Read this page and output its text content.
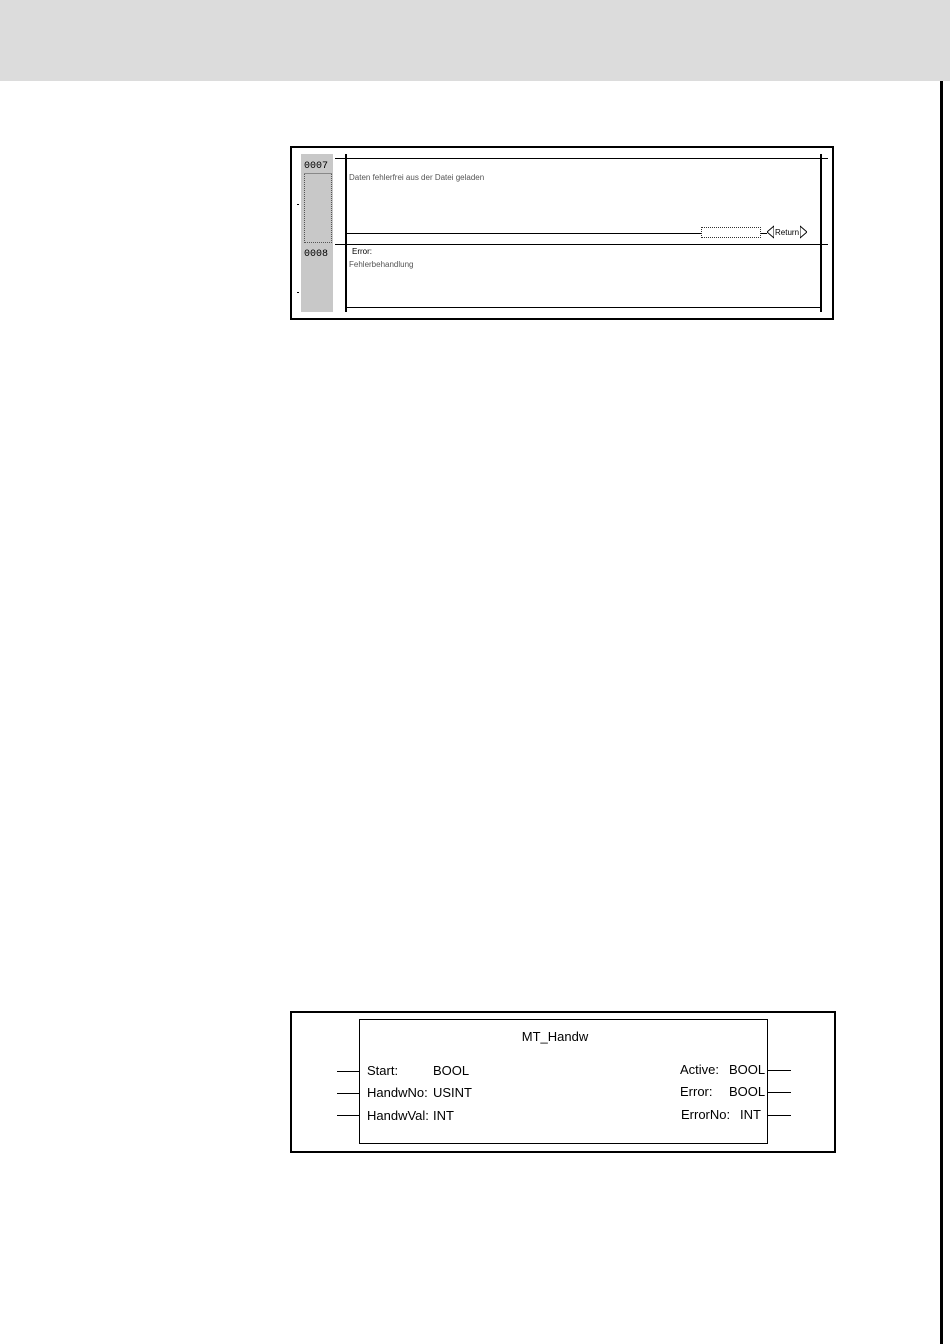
0007
0008
Daten fehlerfrei aus der Datei geladen
Return
Error:
Fehlerbehandlung
MT_Handw
Start:	BOOL
HandwNo: USINT
HandwVal: INT
Active: BOOL
Error: BOOL
ErrorNo: INT
